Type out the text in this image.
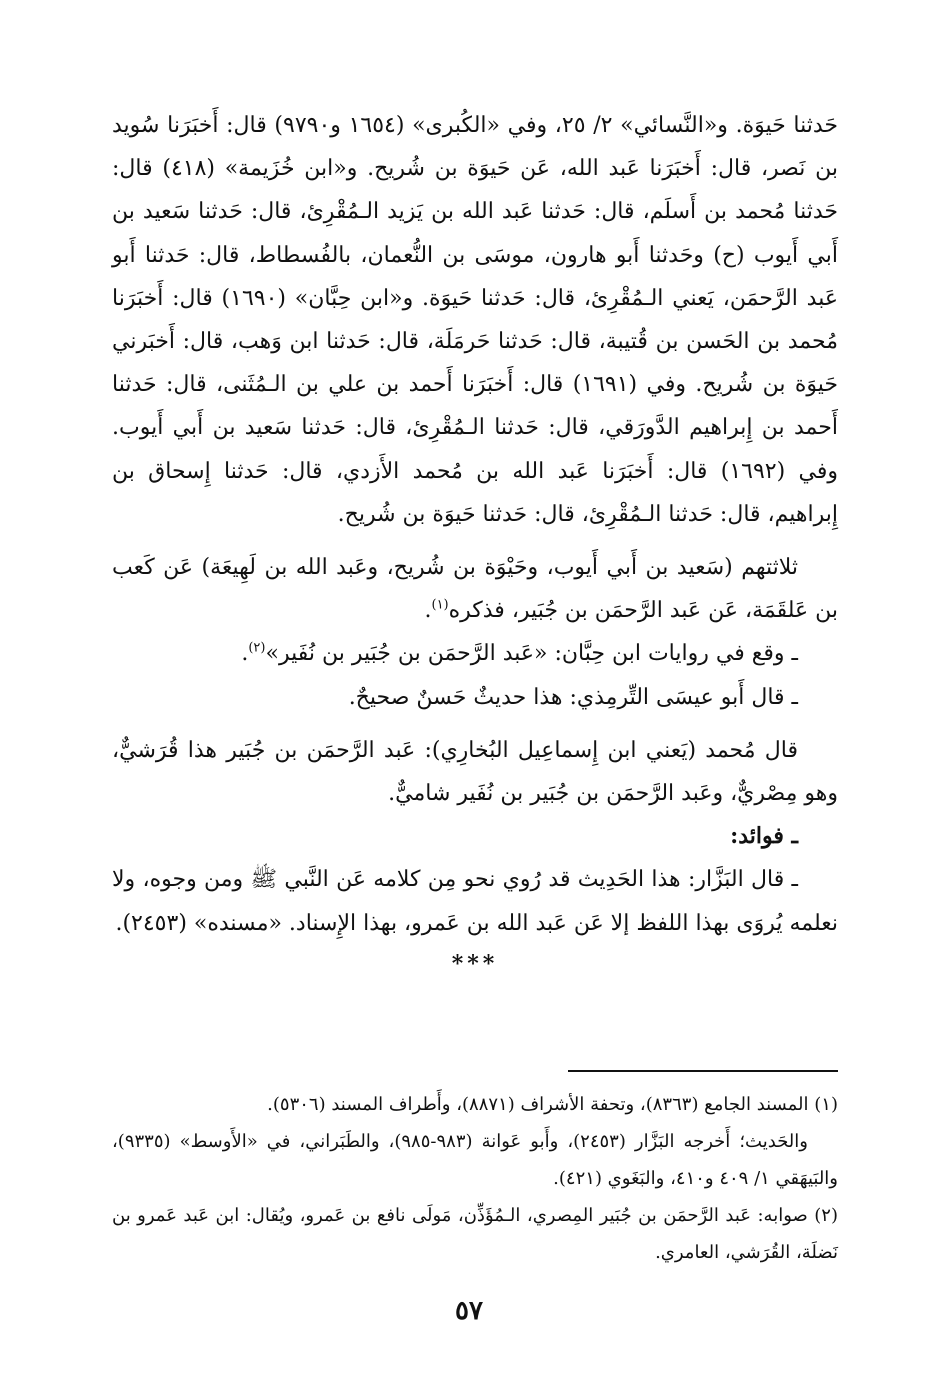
حَدثنا حَيوَة. و«النَّسائي» ٢/ ٢٥، وفي «الكُبرى» (١٦٥٤ و٩٧٩٠) قال: أَخبَرَنا سُويد بن نَصر، قال: أَخبَرَنا عَبد الله، عَن حَيوَة بن شُريح. و«ابن خُزَيمة» (٤١٨) قال: حَدثنا مُحمد بن أَسلَم، قال: حَدثنا عَبد الله بن يَزيد الـمُقْرِئ، قال: حَدثنا سَعيد بن أَبي أَيوب (ح) وحَدثنا أَبو هارون، موسَى بن النُّعمان، بالفُسطاط، قال: حَدثنا أَبو عَبد الرَّحمَن، يَعني الـمُقْرِئ، قال: حَدثنا حَيوَة. و«ابن حِبَّان» (١٦٩٠) قال: أَخبَرَنا مُحمد بن الحَسن بن قُتيبة، قال: حَدثنا حَرمَلَة، قال: حَدثنا ابن وَهب، قال: أَخبَرني حَيوَة بن شُريح. وفي (١٦٩١) قال: أَخبَرَنا أَحمد بن علي بن الـمُثَنى، قال: حَدثنا أَحمد بن إِبراهيم الدَّورَقي، قال: حَدثنا الـمُقْرِئ، قال: حَدثنا سَعيد بن أَبي أَيوب. وفي (١٦٩٢) قال: أَخبَرَنا عَبد الله بن مُحمد الأَزدي، قال: حَدثنا إِسحاق بن إِبراهيم، قال: حَدثنا الـمُقْرِئ، قال: حَدثنا حَيوَة بن شُريح.

ثلاثتهم (سَعيد بن أَبي أَيوب، وحَيْوَة بن شُريح، وعَبد الله بن لَهِيعَة) عَن كَعب بن عَلقَمَة، عَن عَبد الرَّحمَن بن جُبَير، فذكره$^{(١)}$.

ـ وقع في روايات ابن حِبَّان: «عَبد الرَّحمَن بن جُبَير بن نُفَير»$^{(٢)}$.

ـ قال أَبو عيسَى التِّرمِذي: هذا حديثٌ حَسنٌ صحيحٌ.

قال مُحمد (يَعني ابن إِسماعِيل البُخارِي): عَبد الرَّحمَن بن جُبَير هذا قُرَشيٌّ، وهو مِصْريٌّ، وعَبد الرَّحمَن بن جُبَير بن نُفَير شاميٌّ.

ـ فوائد:

ـ قال البَزَّار: هذا الحَدِيث قد رُوي نحو مِن كلامه عَن النَّبي ﷺ ومن وجوه، ولا نعلمه يُروَى بهذا اللفظ إلا عَن عَبد الله بن عَمرو، بهذا الإِسناد. «مسنده» (٢٤٥٣).

***

(١) المسند الجامع (٨٣٦٣)، وتحفة الأشراف (٨٨٧١)، وأَطراف المسند (٥٣٠٦).

والحَديث؛ أَخرجه البَزَّار (٢٤٥٣)، وأَبو عَوانة (٩٨٣-٩٨٥)، والطَبَراني، في «الأَوسط» (٩٣٣٥)، والبَيهَقي ١/ ٤٠٩ و٤١٠، والبَغَوي (٤٢١).

(٢) صوابه: عَبد الرَّحمَن بن جُبَير المِصري، الـمُؤَذِّن، مَولَى نافع بن عَمرو، ويُقال: ابن عَبد عَمرو بن نَضلَة، القُرَشي، العامري.

٥٧
